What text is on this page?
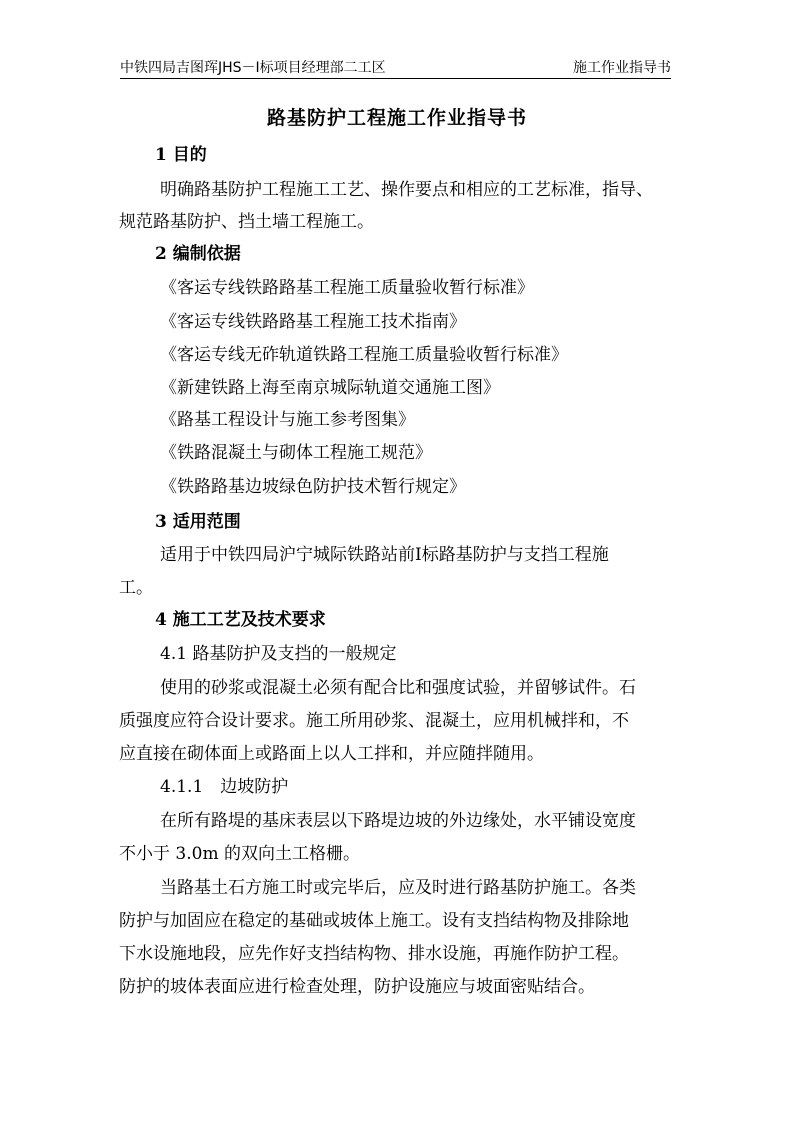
中铁四局吉图珲JHS－Ⅰ标项目经理部二工区	施工作业指导书
路基防护工程施工作业指导书
1 目的
明确路基防护工程施工工艺、操作要点和相应的工艺标准，指导、
规范路基防护、挡土墙工程施工。
2 编制依据
《客运专线铁路路基工程施工质量验收暂行标准》
《客运专线铁路路基工程施工技术指南》
《客运专线无砟轨道铁路工程施工质量验收暂行标准》
《新建铁路上海至南京城际轨道交通施工图》
《路基工程设计与施工参考图集》
《铁路混凝土与砌体工程施工规范》
《铁路路基边坡绿色防护技术暂行规定》
3 适用范围
适用于中铁四局沪宁城际铁路站前Ⅰ标路基防护与支挡工程施
工。
4 施工工艺及技术要求
4.1 路基防护及支挡的一般规定
使用的砂浆或混凝土必须有配合比和强度试验，并留够试件。石
质强度应符合设计要求。施工所用砂浆、混凝土，应用机械拌和，不
应直接在砌体面上或路面上以人工拌和，并应随拌随用。
4.1.1　边坡防护
在所有路堤的基床表层以下路堤边坡的外边缘处，水平铺设宽度
不小于 3.0m 的双向土工格栅。
当路基土石方施工时或完毕后，应及时进行路基防护施工。各类
防护与加固应在稳定的基础或坡体上施工。设有支挡结构物及排除地
下水设施地段，应先作好支挡结构物、排水设施，再施作防护工程。
防护的坡体表面应进行检查处理，防护设施应与坡面密贴结合。
